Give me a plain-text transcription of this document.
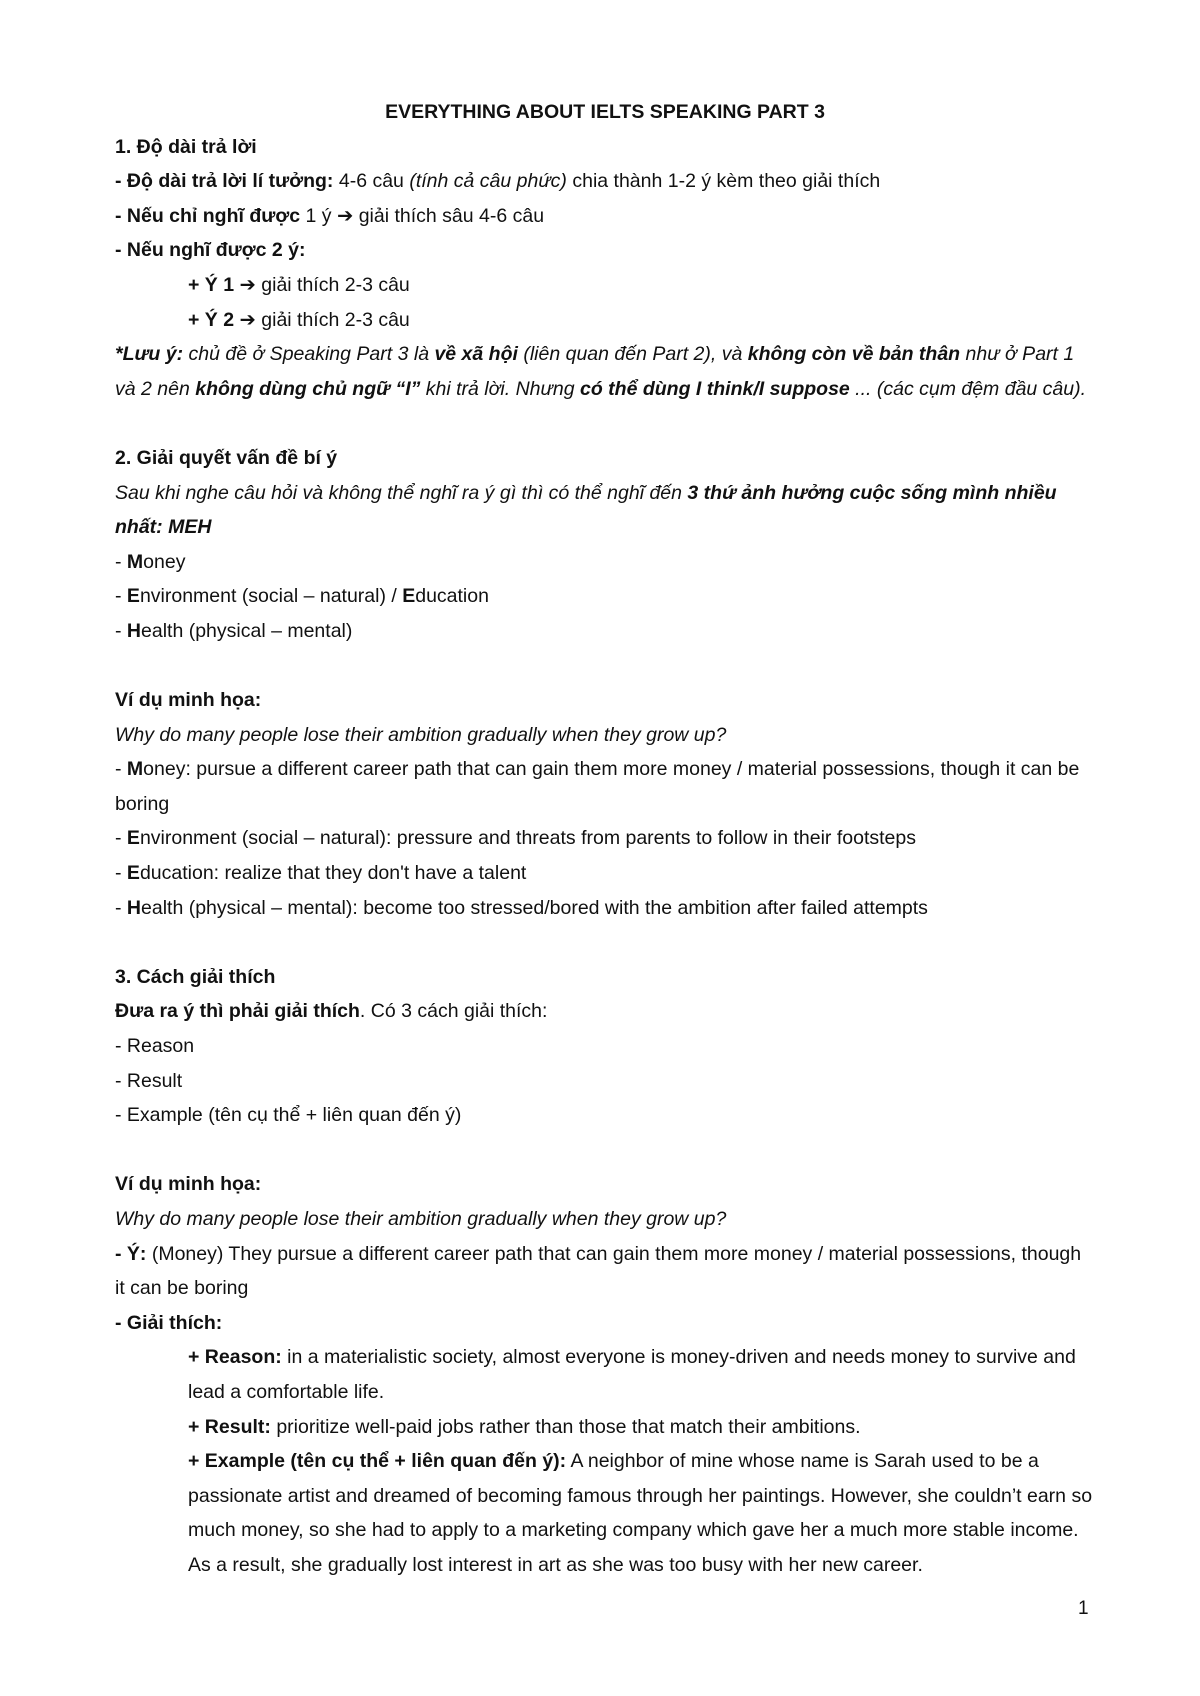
EVERYTHING ABOUT IELTS SPEAKING PART 3
1. Độ dài trả lời
- Độ dài trả lời lí tưởng: 4-6 câu (tính cả câu phức) chia thành 1-2 ý kèm theo giải thích
- Nếu chỉ nghĩ được 1 ý ➔ giải thích sâu 4-6 câu
- Nếu nghĩ được 2 ý:
+ Ý 1 ➔ giải thích 2-3 câu
+ Ý 2 ➔ giải thích 2-3 câu
*Lưu ý: chủ đề ở Speaking Part 3 là về xã hội (liên quan đến Part 2), và không còn về bản thân như ở Part 1 và 2 nên không dùng chủ ngữ “I” khi trả lời. Nhưng có thể dùng I think/I suppose ... (các cụm đệm đầu câu).
2. Giải quyết vấn đề bí ý
Sau khi nghe câu hỏi và không thể nghĩ ra ý gì thì có thể nghĩ đến 3 thứ ảnh hưởng cuộc sống mình nhiều nhất: MEH
- Money
- Environment (social – natural) / Education
- Health (physical – mental)
Ví dụ minh họa:
Why do many people lose their ambition gradually when they grow up?
- Money: pursue a different career path that can gain them more money / material possessions, though it can be boring
- Environment (social – natural): pressure and threats from parents to follow in their footsteps
- Education: realize that they don't have a talent
- Health (physical – mental): become too stressed/bored with the ambition after failed attempts
3. Cách giải thích
Đưa ra ý thì phải giải thích. Có 3 cách giải thích:
- Reason
- Result
- Example (tên cụ thể + liên quan đến ý)
Ví dụ minh họa:
Why do many people lose their ambition gradually when they grow up?
- Ý: (Money) They pursue a different career path that can gain them more money / material possessions, though it can be boring
- Giải thích:
+ Reason: in a materialistic society, almost everyone is money-driven and needs money to survive and lead a comfortable life.
+ Result: prioritize well-paid jobs rather than those that match their ambitions.
+ Example (tên cụ thể + liên quan đến ý): A neighbor of mine whose name is Sarah used to be a passionate artist and dreamed of becoming famous through her paintings. However, she couldn’t earn so much money, so she had to apply to a marketing company which gave her a much more stable income. As a result, she gradually lost interest in art as she was too busy with her new career.
1
